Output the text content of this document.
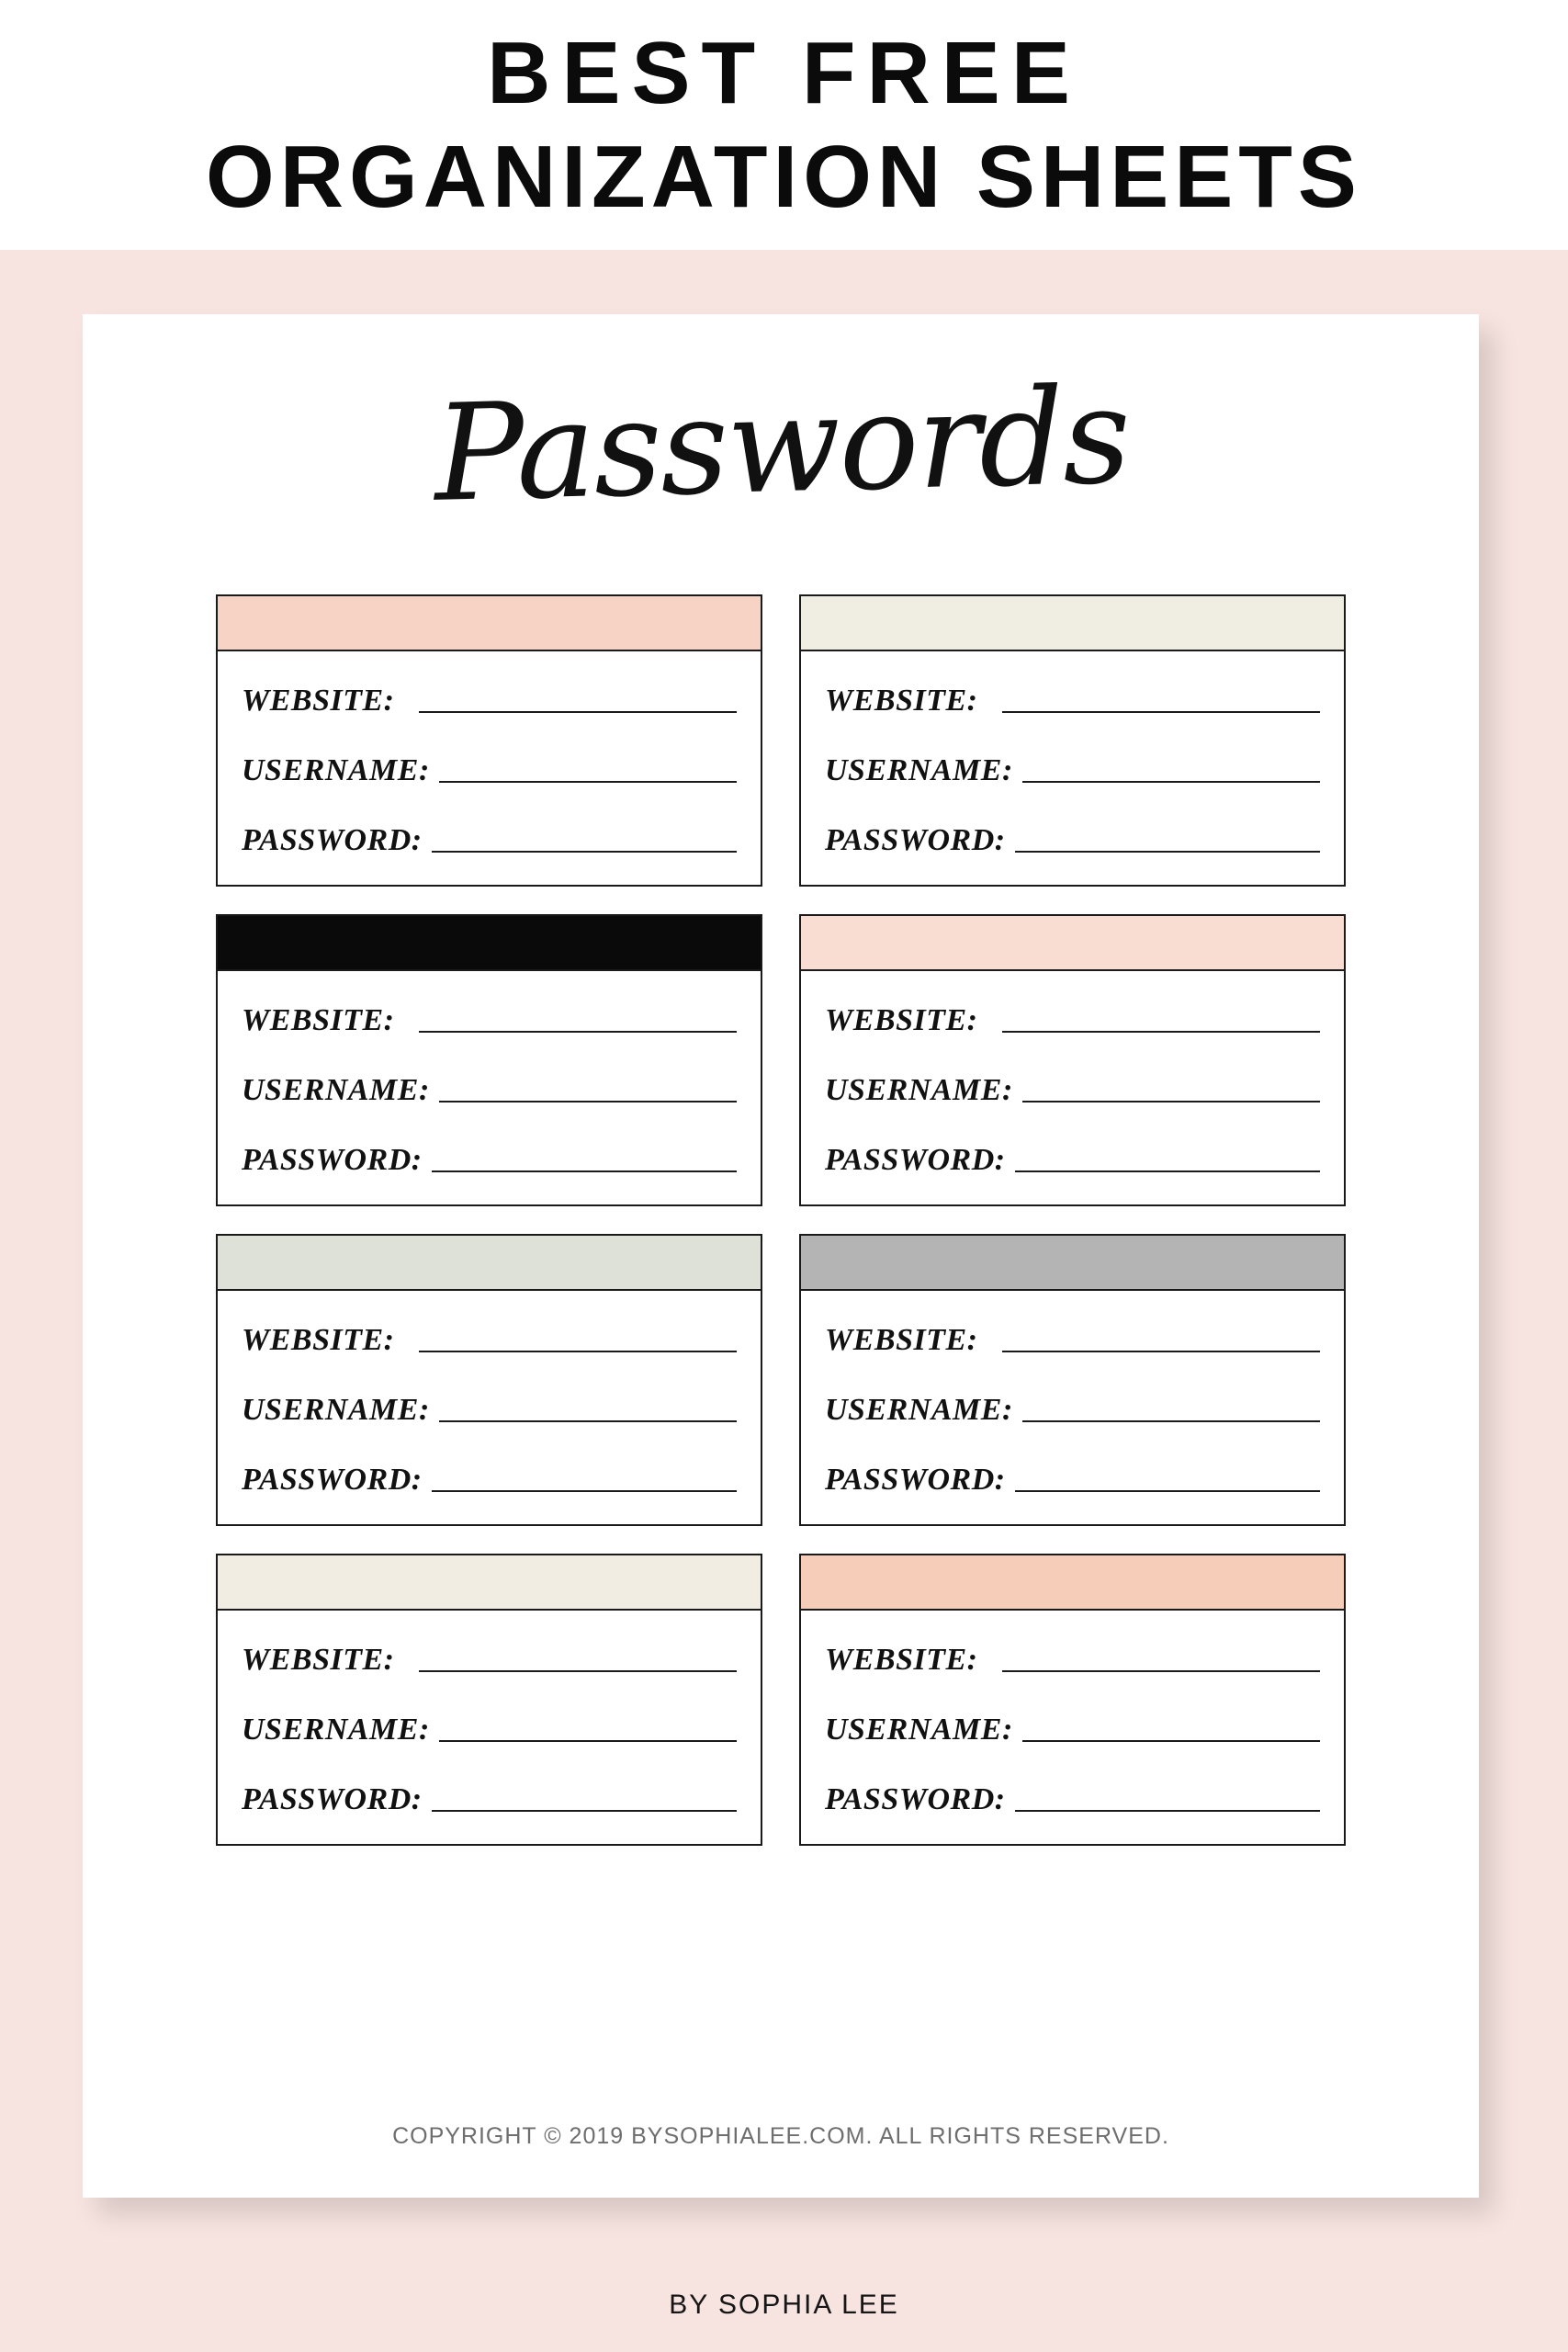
BEST FREE
ORGANIZATION SHEETS
Passwords
WEBSITE:
USERNAME:
PASSWORD:
WEBSITE:
USERNAME:
PASSWORD:
WEBSITE:
USERNAME:
PASSWORD:
WEBSITE:
USERNAME:
PASSWORD:
WEBSITE:
USERNAME:
PASSWORD:
WEBSITE:
USERNAME:
PASSWORD:
WEBSITE:
USERNAME:
PASSWORD:
WEBSITE:
USERNAME:
PASSWORD:
COPYRIGHT © 2019 BYSOPHIALEE.COM. ALL RIGHTS RESERVED.
BY SOPHIA LEE
